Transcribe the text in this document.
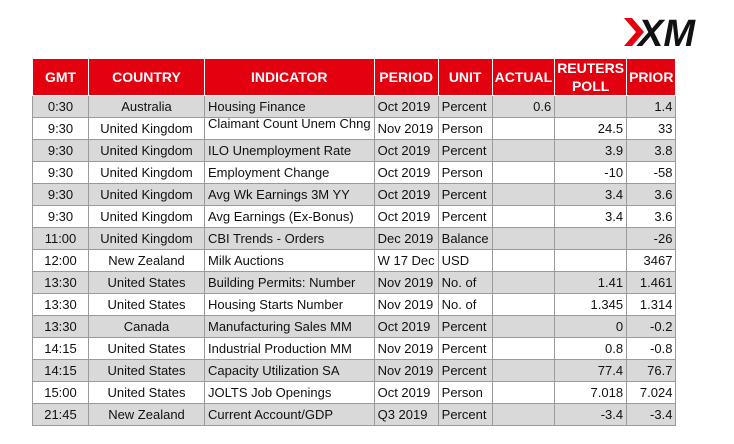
XM
GMT	COUNTRY	INDICATOR	PERIOD	UNIT	ACTUAL	REUTERS POLL	PRIOR
0:30	Australia	Housing Finance	Oct 2019	Percent	0.6		1.4
9:30	United Kingdom	Claimant Count Unem Chng	Nov 2019	Person		24.5	33
9:30	United Kingdom	ILO Unemployment Rate	Oct 2019	Percent		3.9	3.8
9:30	United Kingdom	Employment Change	Oct 2019	Person		-10	-58
9:30	United Kingdom	Avg Wk Earnings 3M YY	Oct 2019	Percent		3.4	3.6
9:30	United Kingdom	Avg Earnings (Ex-Bonus)	Oct 2019	Percent		3.4	3.6
11:00	United Kingdom	CBI Trends - Orders	Dec 2019	Balance			-26
12:00	New Zealand	Milk Auctions	W 17 Dec	USD			3467
13:30	United States	Building Permits: Number	Nov 2019	No. of		1.41	1.461
13:30	United States	Housing Starts Number	Nov 2019	No. of		1.345	1.314
13:30	Canada	Manufacturing Sales MM	Oct 2019	Percent		0	-0.2
14:15	United States	Industrial Production MM	Nov 2019	Percent		0.8	-0.8
14:15	United States	Capacity Utilization SA	Nov 2019	Percent		77.4	76.7
15:00	United States	JOLTS Job Openings	Oct 2019	Person		7.018	7.024
21:45	New Zealand	Current Account/GDP	Q3 2019	Percent		-3.4	-3.4
